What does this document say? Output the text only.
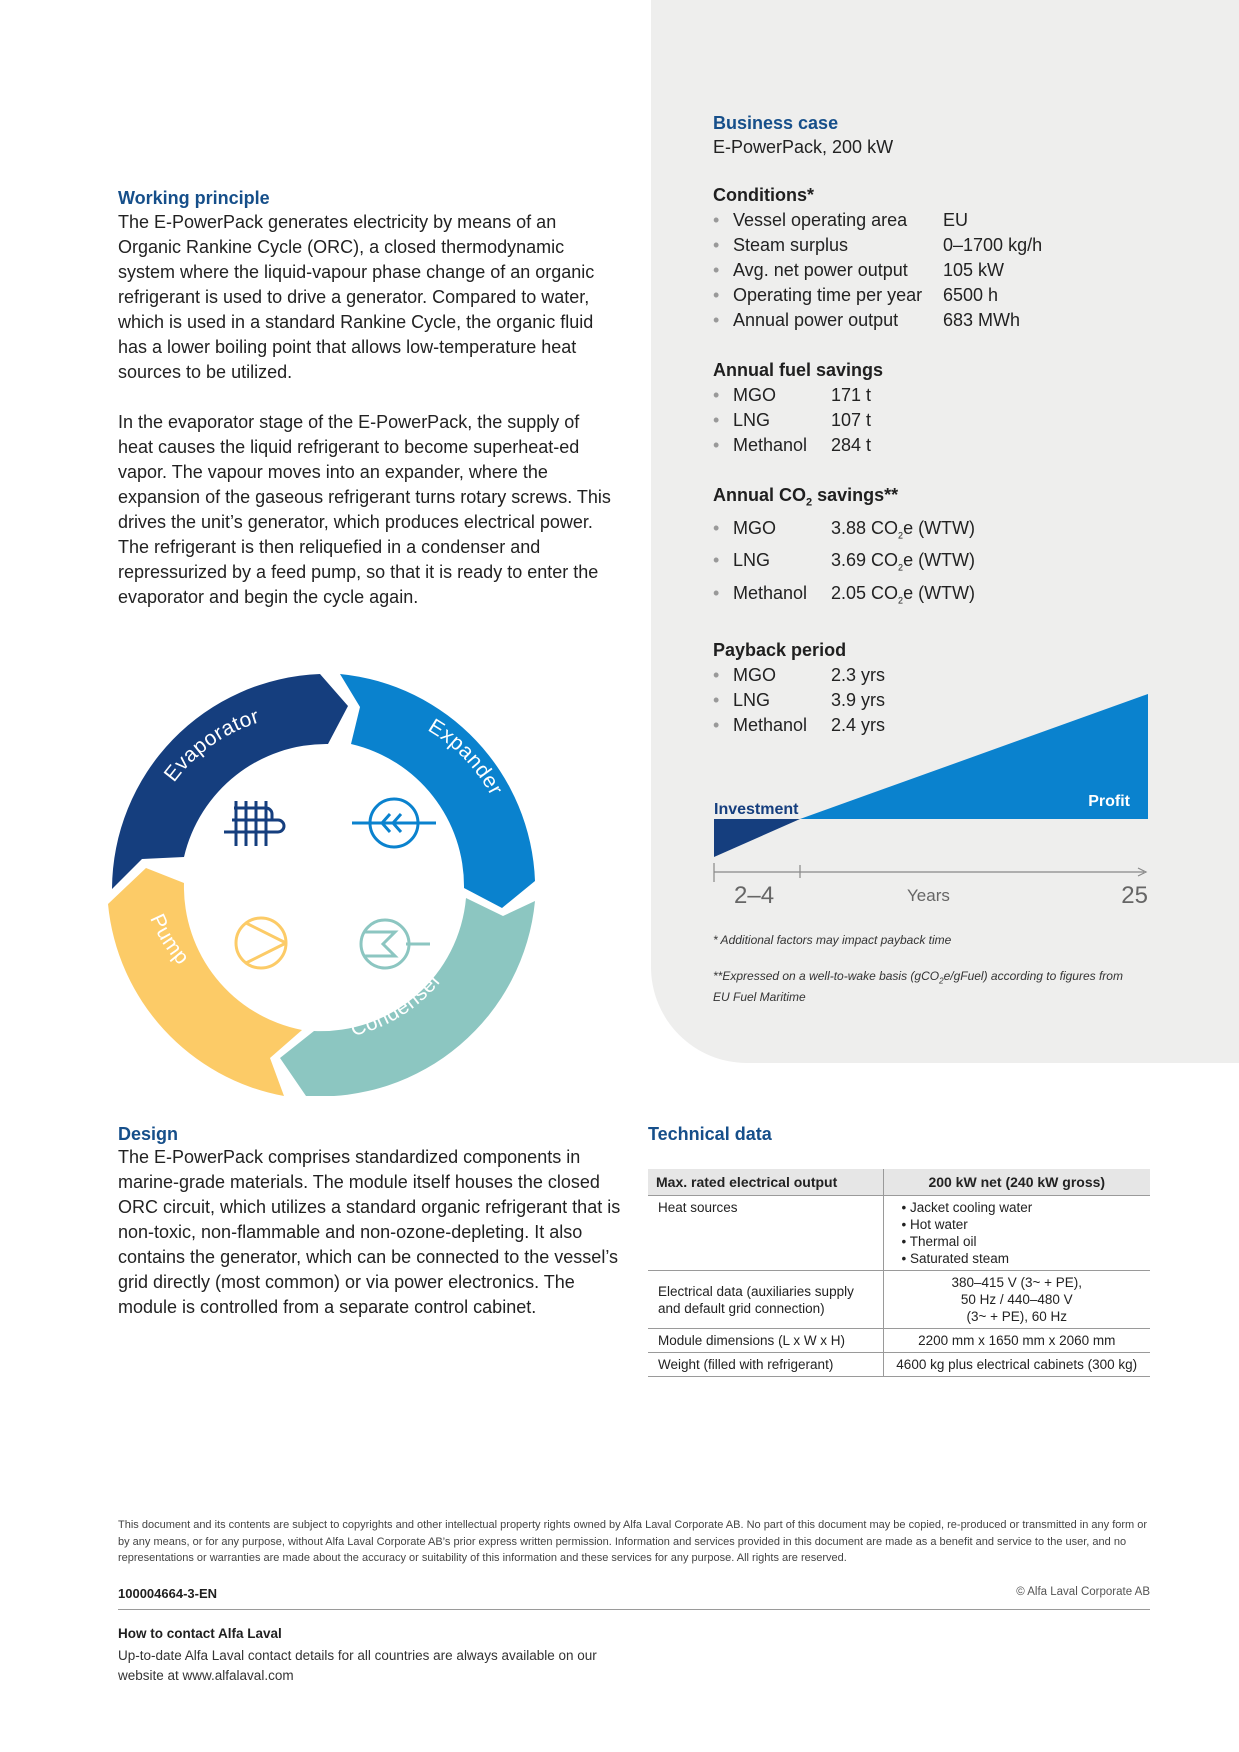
Working principle

The E-PowerPack generates electricity by means of an Organic Rankine Cycle (ORC), a closed thermodynamic system where the liquid-vapour phase change of an organic refrigerant is used to drive a generator. Compared to water, which is used in a standard Rankine Cycle, the organic fluid has a lower boiling point that allows low-temperature heat sources to be utilized.

In the evaporator stage of the E-PowerPack, the supply of heat causes the liquid refrigerant to become superheat-ed vapor. The vapour moves into an expander, where the expansion of the gaseous refrigerant turns rotary screws. This drives the unit’s generator, which produces electrical power. The refrigerant is then reliquefied in a condenser and repressurized by a feed pump, so that it is ready to enter the evaporator and begin the cycle again.

Evaporator	Expander
Condenser
Pump
Business case
E-PowerPack, 200 kW
Conditions*
• Vessel operating area	EU
• Steam surplus	0–1700 kg/h
• Avg. net power output	105 kW
• Operating time per year	6500 h
• Annual power output	683 MWh
Annual fuel savings
• MGO	171 t
• LNG	107 t
• Methanol	284 t
Annual $CO_2$ savings**
• MGO	3.88 $CO_2e$ (WTW)
• LNG	3.69 $CO_2e$ (WTW)
• Methanol	2.05 $CO_2e$ (WTW)
Payback period
• MGO	2.3 yrs
• LNG	3.9 yrs
• Methanol	2.4 yrs
Investment	Profit
2–4	Years	25
* Additional factors may impact payback time
**Expressed on a well-to-wake basis (gCO$_2$e/gFuel) according to figures from EU Fuel Maritime
Design

The E-PowerPack comprises standardized components in marine-grade materials. The module itself houses the closed ORC circuit, which utilizes a standard organic refrigerant that is non-toxic, non-flammable and non-ozone-depleting. It also contains the generator, which can be connected to the vessel’s grid directly (most common) or via power electronics. The module is controlled from a separate control cabinet.

Technical data
Max. rated electrical output	200 kW net (240 kW gross)
Heat sources	• Jacket cooling water
• Hot water
• Thermal oil
• Saturated steam

Electrical data (auxiliaries supply and default grid connection)	380–415 V (3~ + PE),
50 Hz / 440–480 V
(3~ + PE), 60 Hz

Module dimensions (L x W x H)	2200 mm x 1650 mm x 2060 mm
Weight (filled with refrigerant)	4600 kg plus electrical cabinets (300 kg)
This document and its contents are subject to copyrights and other intellectual property rights owned by Alfa Laval Corporate AB. No part of this document may be copied, re-produced or transmitted in any form or by any means, or for any purpose, without Alfa Laval Corporate AB’s prior express written permission. Information and services provided in this document are made as a benefit and service to the user, and no representations or warranties are made about the accuracy or suitability of this information and these services for any purpose. All rights are reserved.
100004664-3-EN	© Alfa Laval Corporate AB
How to contact Alfa Laval
Up-to-date Alfa Laval contact details for all countries are always available on our website at www.alfalaval.com
